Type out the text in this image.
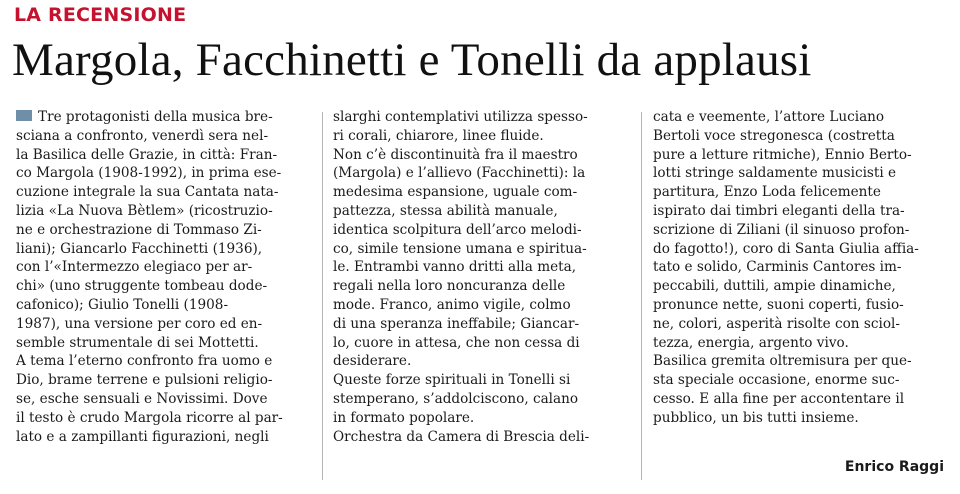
LA RECENSIONE
Margola, Facchinetti e Tonelli da applausi

Tre protagonisti della musica bre-

sciana a confronto, venerdì sera nel-

la Basilica delle Grazie, in città: Fran-

co Margola (1908-1992), in prima ese-

cuzione integrale la sua Cantata nata-

lizia «La Nuova Bètlem» (ricostruzio-

ne e orchestrazione di Tommaso Zi-

liani); Giancarlo Facchinetti (1936),

con l’«Intermezzo elegiaco per ar-

chi» (uno struggente tombeau dode-

cafonico); Giulio Tonelli (1908-

1987), una versione per coro ed en-

semble strumentale di sei Mottetti.

A tema l’eterno confronto fra uomo e

Dio, brame terrene e pulsioni religio-

se, esche sensuali e Novissimi. Dove

il testo è crudo Margola ricorre al par-

lato e a zampillanti figurazioni, negli

slarghi contemplativi utilizza spesso-

ri corali, chiarore, linee fluide.

Non c’è discontinuità fra il maestro

(Margola) e l’allievo (Facchinetti): la

medesima espansione, uguale com-

pattezza, stessa abilità manuale,

identica scolpitura dell’arco melodi-

co, simile tensione umana e spiritua-

le. Entrambi vanno dritti alla meta,

regali nella loro noncuranza delle

mode. Franco, animo vigile, colmo

di una speranza ineffabile; Giancar-

lo, cuore in attesa, che non cessa di

desiderare.

Queste forze spirituali in Tonelli si

stemperano, s’addolciscono, calano

in formato popolare.

Orchestra da Camera di Brescia deli-

cata e veemente, l’attore Luciano

Bertoli voce stregonesca (costretta

pure a letture ritmiche), Ennio Berto-

lotti stringe saldamente musicisti e

partitura, Enzo Loda felicemente

ispirato dai timbri eleganti della tra-

scrizione di Ziliani (il sinuoso profon-

do fagotto!), coro di Santa Giulia affia-

tato e solido, Carminis Cantores im-

peccabili, duttili, ampie dinamiche,

pronunce nette, suoni coperti, fusio-

ne, colori, asperità risolte con sciol-

tezza, energia, argento vivo.

Basilica gremita oltremisura per que-

sta speciale occasione, enorme suc-

cesso. E alla fine per accontentare il

pubblico, un bis tutti insieme.

Enrico Raggi
